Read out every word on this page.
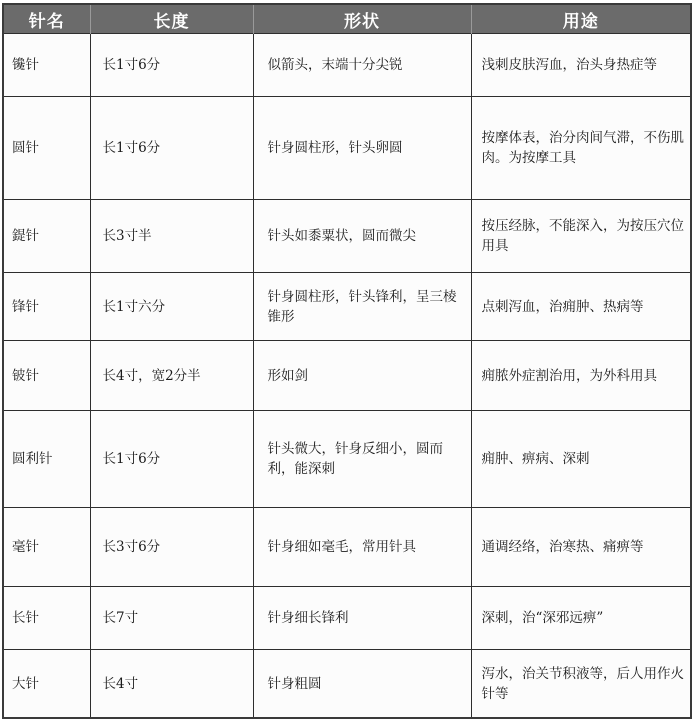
针名	长度	形状	用途
镵针	长1寸6分	似箭头，末端十分尖锐	浅刺皮肤泻血，治头身热症等
圆针	长1寸6分	针身圆柱形，针头卵圆	按摩体表，治分肉间气滞，不伤肌肉。为按摩工具
鍉针	长3寸半	针头如黍粟状，圆而微尖	按压经脉，不能深入，为按压穴位用具
锋针	长1寸六分	针身圆柱形，针头锋利，呈三棱锥形	点刺泻血，治痈肿、热病等
铍针	长4寸，宽2分半	形如剑	痈脓外症割治用，为外科用具
圆利针	长1寸6分	针头微大，针身反细小，圆而利，能深刺	痈肿、痹病、深刺
毫针	长3寸6分	针身细如毫毛，常用针具	通调经络，治寒热、痛痹等
长针	长7寸	针身细长锋利	深刺，治“深邪远痹”
大针	长4寸	针身粗圆	泻水，治关节积液等，后人用作火针等
